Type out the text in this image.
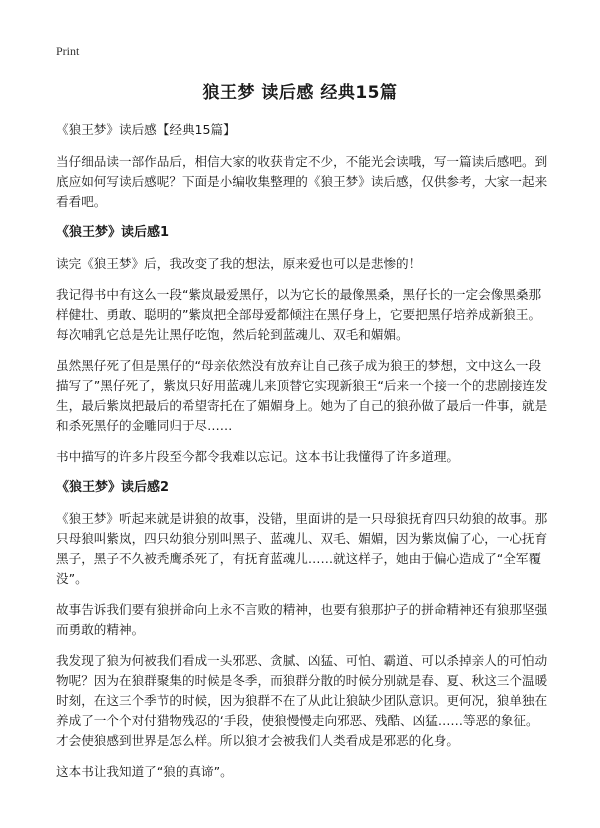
Print
狼王梦 读后感 经典15篇

《狼王梦》读后感【经典15篇】

当仔细品读一部作品后，相信大家的收获肯定不少，不能光会读哦，写一篇读后感吧。到底应如何写读后感呢？下面是小编收集整理的《狼王梦》读后感，仅供参考，大家一起来看看吧。

《狼王梦》读后感1

读完《狼王梦》后，我改变了我的想法，原来爱也可以是悲惨的！

我记得书中有这么一段“紫岚最爱黑仔，以为它长的最像黑桑，黑仔长的一定会像黑桑那样健壮、勇敢、聪明的”紫岚把全部母爱都倾注在黑仔身上，它要把黑仔培养成新狼王。每次哺乳它总是先让黑仔吃饱，然后轮到蓝魂儿、双毛和媚媚。

虽然黑仔死了但是黑仔的“母亲依然没有放弃让自己孩子成为狼王的梦想，文中这么一段描写了”黑仔死了，紫岚只好用蓝魂儿来顶替它实现新狼王“后来一个接一个的悲剧接连发生，最后紫岚把最后的希望寄托在了媚媚身上。她为了自己的狼孙做了最后一件事，就是和杀死黑仔的金雕同归于尽……

书中描写的许多片段至今都令我难以忘记。这本书让我懂得了许多道理。

《狼王梦》读后感2

《狼王梦》听起来就是讲狼的故事，没错，里面讲的是一只母狼抚育四只幼狼的故事。那只母狼叫紫岚，四只幼狼分别叫黑子、蓝魂儿、双毛、媚媚，因为紫岚偏了心，一心抚育黑子，黑子不久被秃鹰杀死了，有抚育蓝魂儿……就这样子，她由于偏心造成了“全军覆没”。

故事告诉我们要有狼拼命向上永不言败的精神，也要有狼那护子的拼命精神还有狼那坚强而勇敢的精神。

我发现了狼为何被我们看成一头邪恶、贪腻、凶猛、可怕、霸道、可以杀掉亲人的可怕动物呢？因为在狼群聚集的时候是冬季，而狼群分散的时候分别就是春、夏、秋这三个温暖时刻，在这三个季节的时候，因为狼群不在了从此让狼缺少团队意识。更何况，狼单独在养成了一个个对付猎物残忍的‘手段，使狼慢慢走向邪恶、残酷、凶猛……等恶的象征。才会使狼感到世界是怎么样。所以狼才会被我们人类看成是邪恶的化身。

这本书让我知道了“狼的真谛”。
